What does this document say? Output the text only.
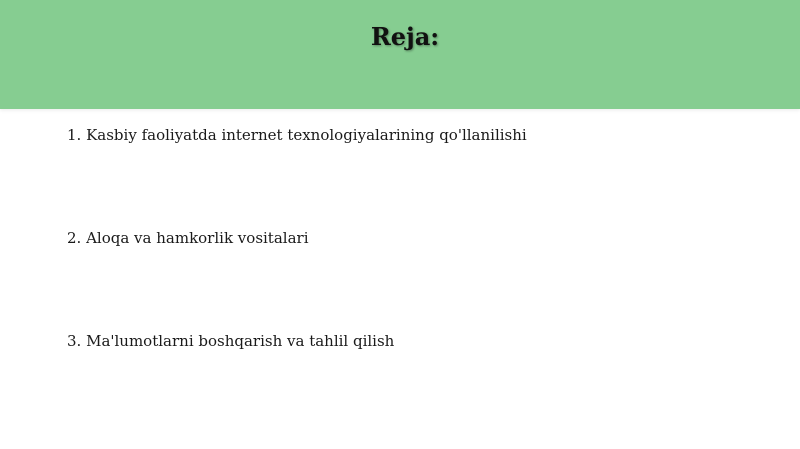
Reja:
1. Kasbiy faoliyatda internet texnologiyalarining qo'llanilishi
2. Aloqa va hamkorlik vositalari
3. Ma'lumotlarni boshqarish va tahlil qilish
